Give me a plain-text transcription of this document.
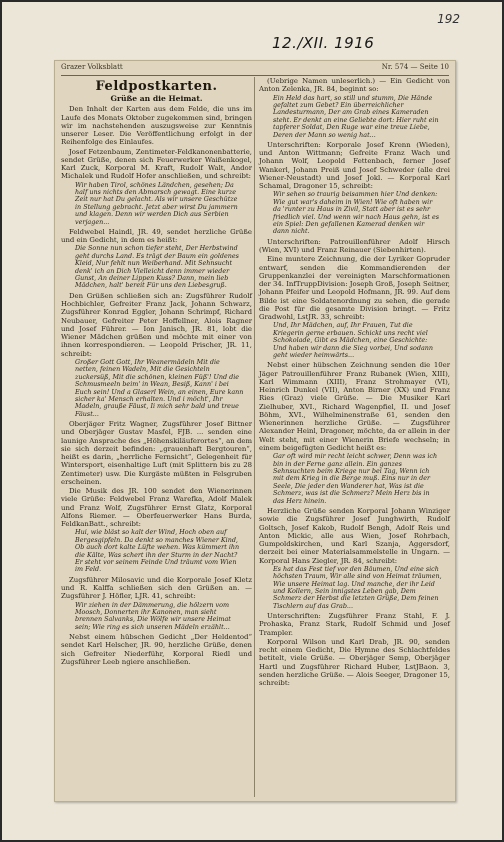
192
12./XII. 1916
Grazer Volksblatt	Nr. 574 — Seite 10
Feldpostkarten.
Grüße an die Heimat.

Den Inhalt der Karten aus dem Felde, die uns im Laufe des Monats Oktober zugekommen sind, bringen wir im nachstehenden auszugsweise zur Kenntnis unserer Leser. Die Veröffentlichung erfolgt in der Reihenfolge des Einlaufes.

Josef Fetzenbaum, Zentimeter-Feldkanonenbatterie, sendet Grüße, denen sich Feuerwerker Waißenkogel, Karl Zuck, Korporal M. Kraft, Rudolf Walt, Andor Michalek und Rudolf Hofer anschließen, und schreibt:

Wir haben Tirol, schönes Ländchen, gesehen; Da half uns nichts den Abmarsch gewagt. Eine kurze Zeit nur hat Du gelacht. Als wir unsere Geschütze in Stellung gebracht. Jetzt aber wirst Du jammern und klagen. Denn wir werden Dich aus Serbien verjagen...

Feldwebel Haindl, JR. 49, sendet herzliche Grüße und ein Gedicht, in dem es heißt:

Die Sonne nun schon tiefer steht, Der Herbstwind geht durchs Land. Es trägt der Baum ein goldenes Kleid, Nur fehlt nun Weiberhand. Mit Sehnsucht denk' ich an Dich Vielleicht denn immer wieder Gunst, An deiner Lippen Kuss? Dann, mein lieb Mädchen, halt' bereit Für uns den Liebesgruß.

Den Grüßen schließen sich an: Zugsführer Rudolf Hochbichler, Gefreiter Franz Jack, Johann Schwarz, Zugsführer Konrad Eggler, Johann Schrimpf, Richard Neubauer, Gefreiter Peter Hoffellner, Alois Ragner und Josef Führer. — Ion Janisch, JR. 81, lobt die Wiener Mädchen grüßen und möchte mit einer von ihnen korrespondieren. — Leopold Prischer, JR. 11, schreibt:

Großer Gott Gott, Ihr Weanermädeln Mit die netten, feinen Wadeln, Mit die Gesichteln zuckersüß, Mit die schönen, kleinen Füß'! Und die Schmusmeeln beim' in Wean, Besiß, Kann' i bei Euch sein! Und a Glaserl Wein, an einen, Eure kann sicher ka' Mensch erhalten. Und i möcht', Ihr Madeln, grauße Fäust, Ii mich sehr bald und treue Fäust...

Oberjäger Fritz Wagner, Zugsführer Josef Bittner und Oberjäger Gustav Masfel, FJB. ... senden eine launige Ansprache des „Höhenskiläuferortes“, an dem sie sich derzeit befinden: „grauenhaft Bergtouren“, heißt es darin, „herrliche Fernsicht“, Gelegenheit für Wintersport, eisenhaltige Luft (mit Splittern bis zu 28 Zentimeter) usw. Die Kurgäste müßten in Felsgruben erscheinen.

Die Musik des JR. 100 sendet den Wienerinnen viele Grüße: Feldwebel Franz Warefka, Adolf Malek und Franz Wolf, Zugsführer Ernst Glatz, Korporal Alfons Riemer. — Oberfeuerwerker Hans Burda, FeldkanBatt., schreibt:

Hui, wie bläst so kalt der Wind, Hoch oben auf Bergesgipfeln. Da denkt so manches Wiener Kind, Ob auch dort kalte Lüfte wehen. Was kümmert ihn die Kälte, Was schert ihn der Sturm in der Nacht? Er steht vor seinem Feinde Und träumt vom Wien im Feld.

Zugsführer Milosavic und die Korporale Josef Kletz und R. Kalffa schließen sich den Grüßen an. — Zugsführer J. Höfler, LJR. 41, schreibt:

Wir ziehen in der Dämmerung, die hölzern vom Moosch, Donnerten ihr Kanonen, man sieht brennen Salvanks, Die Wölfe wir unsere Heimat sein; Wie ring es sich unseren Mädeln erzählt...

Nebst einem hübschen Gedicht „Der Heldentod“ sendet Karl Helscher, JR. 90, herzliche Grüße, denen sich Gefreiter Niederführ, Korporal Riedl und Zugsführer Leeb ngiere anschließen.

(Uebrige Namen unleserlich.) — Ein Gedicht von Anton Zelenka, JR. 84, beginnt so:

Ein Held das hart, so still und stumm, Die Hände gefaltet zum Gebet? Ein überreichlicher Landesturmann, Der am Grab eines Kameraden steht. Er denkt an eine Geliebte dort: Hier ruht ein tapferer Soldat, Den Ruge war eine treue Liebe, Deren der Mann so wenig hat...

Unterschriften: Korporale Josef Krenn (Wieden), und Anton Wittmann; Gefreite Franz Wach und Johann Wolf, Leopold Fettenbach, ferner Josef Wankerl, Johann Preiß und Josef Schweder (alle drei Wiener-Neustadt) und Josef Jokl. — Korporal Karl Schamal, Dragoner 15, schreibt:

Wir sehen so traurig beisammen hier Und denken: Wie gut war's daheim in Wien! Wie oft haben wir da 'runter zu Haus in Zivil, Statt aber ist es sehr friedlich viel. Und wenn wir nach Haus gehn, ist es ein Spiel: Den gefallenen Kamerad denken wir dann nicht.

Unterschriften: Patrouillenführer Adolf Hirsch (Wien, XVI) und Franz Reinauer (Siebenhirten).

Eine muntere Zeichnung, die der Lyriker Gopruder entwarf, senden die Kommandierenden der Gruppenkanzlei der vereinigten Marschformationen der 34. InfTruppDivision: Joseph Groß, Joseph Seitner, Johann Pfeifer und Leopold Hofmann, JR. 99. Auf dem Bilde ist eine Soldatenordnung zu sehen, die gerade die Post für die gesamte Division bringt. — Fritz Gradwohl, LstJR. 33, schreibt:

Und, Ihr Mädchen, auf, Ihr Frauen, Tut die Kriegerin gerne erbauen. Schickt uns recht viel Schokolade, Gibt es Mädchen, eine Geschichte: Und haben wir dann die Sieg vorbei, Und sodann geht wieder heimwärts...

Nebst einer hübschen Zeichnung senden die 10er Jäger Patrouillenführer Franz Rubanek (Wien, XIII), Karl Wimmann (XIII), Franz Strohmayer (VI), Heinrich Dunkel (VII), Anton Birner (XX) und Franz Ries (Graz) viele Grüße. — Die Musiker Karl Zielhuber, XVI., Richard Wagenpfiel, II. und Josef Böhm, XVI., Wilhelminenstraße 61, senden den Wienerinnen herzliche Grüße. — Zugsführer Alexander Heinl, Dragoner, möchte, da er allein in der Welt steht, mit einer Wienerin Briefe wechseln; in einem beigefügten Gedicht heißt es:

Gar oft wird mir recht leicht schwer, Denn was ich bin in der Ferne ganz allein. Ein ganzes Sehnsuchten beim Kriege nur bei Tag, Wenn ich mit dem Krieg in die Berge muß. Eins nur in der Seele, Die jeder den Wanderer hat, Was ist die Schmerz, was ist die Schmerz? Mein Herz bis in das Herz hinein.

Herzliche Grüße senden Korporal Johann Winziger sowie die Zugsführer Josef Junghwirth, Rudolf Goltsch, Josef Kakob, Rudolf Bengh, Adolf Reis und Anton Mickic, alle aus Wien, Josef Rohrbach, Gumpoldskirchen, und Karl Szanja, Aggersdorf, derzeit bei einer Materialsammelstelle in Ungarn. — Korporal Hans Ziegler, JR. 84, schreibt:

Es hat das Fest tief vor den Bäumen, Und eine sich höchsten Traum, Wir alle sind von Heimat träumen, Wie unsere Heimat lag. Und manche, der ihr Leid und Kollern, Sein innigstes Leben gab, Dem Schmerz der Herbst die letzten Grüße, Dem feinen Tischlern auf das Grab...

Unterschriften: Zugsführer Franz Stahl, F. J. Prohaska, Franz Stark, Rudolf Schmid und Josef Trampler.

Korporal Wilson und Karl Drab, JR. 90, senden recht einem Gedicht, Die Hymne des Schlachtfeldes betitelt, viele Grüße. — Oberjäger Semp, Oberjäger Hartl und Zugsführer Richard Huber, LstJBaon. 3, senden herzliche Grüße. — Alois Seeger, Dragoner 15, schreibt:
